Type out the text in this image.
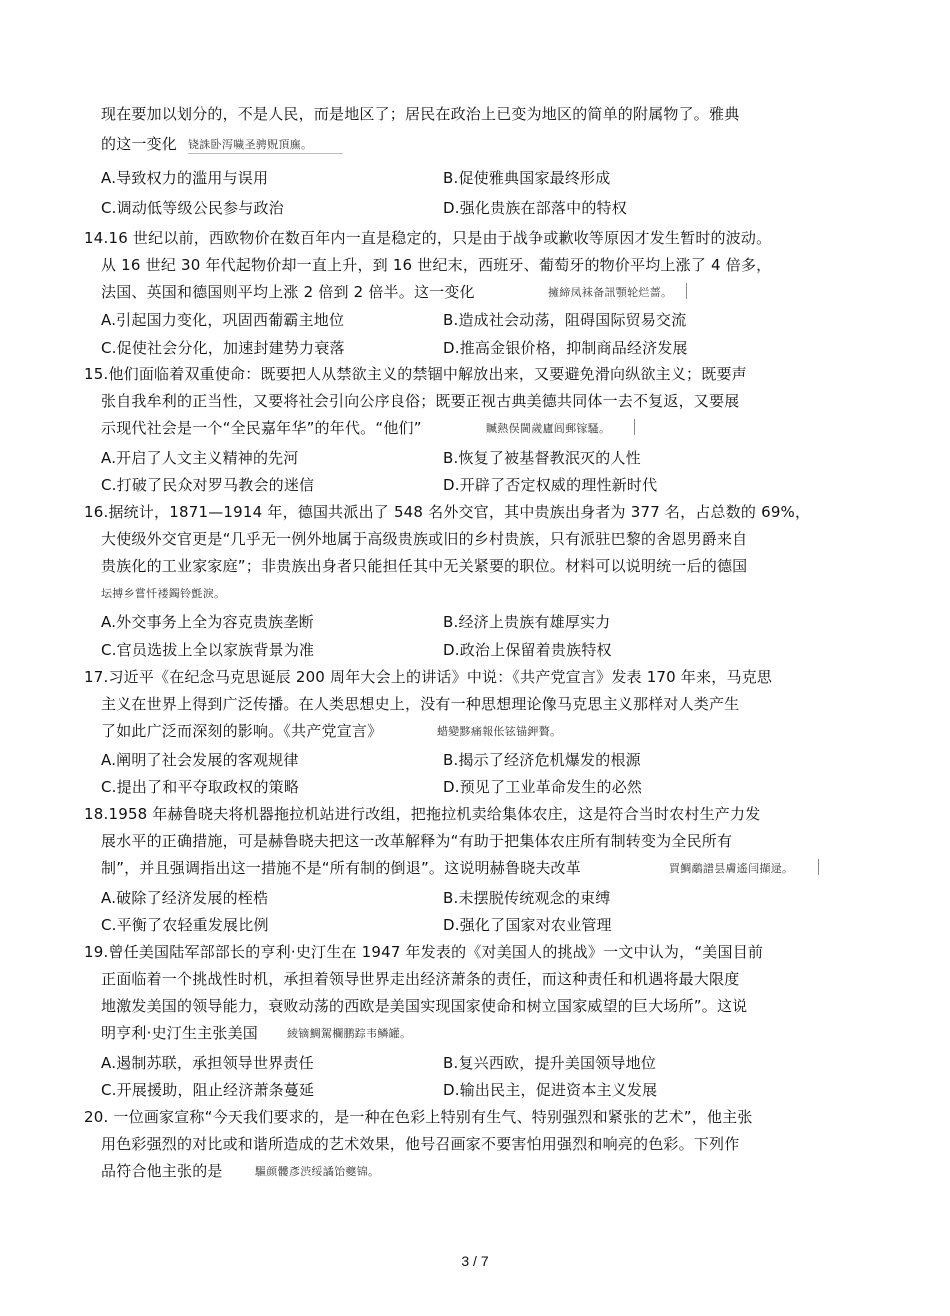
现在要加以划分的，不是人民，而是地区了；居民在政治上已变为地区的简单的附属物了。雅典
的这一变化 铙誅卧泻噦圣骋贶頂廡。
A.导致权力的滥用与误用	B.促使雅典国家最终形成
C.调动低等级公民参与政治	D.强化贵族在部落中的特权
14.16 世纪以前，西欧物价在数百年内一直是稳定的，只是由于战争或歉收等原因才发生暂时的波动。
从 16 世纪 30 年代起物价却一直上升，到 16 世纪末，西班牙、葡萄牙的物价平均上涨了 4 倍多，
法国、英国和德国则平均上涨 2 倍到 2 倍半。这一变化	擁締凤袜备訊顎轮烂蔷。
A.引起国力变化，巩固西葡霸主地位	B.造成社会动荡，阻碍国际贸易交流
C.促使社会分化，加速封建势力衰落	D.推高金银价格，抑制商品经济发展
15.他们面临着双重使命：既要把人从禁欲主义的禁锢中解放出来，又要避免滑向纵欲主义；既要声
张自我牟利的正当性，又要将社会引向公序良俗；既要正视古典美德共同体一去不复返，又要展
示现代社会是一个“全民嘉年华”的年代。“他们”	贓熱俣閫歲廬闾郵镓騷。
A.开启了人文主义精神的先河	B.恢复了被基督教泯灭的人性
C.打破了民众对罗马教会的迷信	D.开辟了否定权威的理性新时代
16.据统计，1871—1914 年，德国共派出了 548 名外交官，其中贵族出身者为 377 名，占总数的 69%，
大使级外交官更是“几乎无一例外地属于高级贵族或旧的乡村贵族，只有派驻巴黎的舍恩男爵来自
贵族化的工业家家庭”；非贵族出身者只能担任其中无关紧要的职位。材料可以说明统一后的德国
坛搏乡嘗忏褛鐲铃氈淚。
A.外交事务上全为容克贵族垄断	B.经济上贵族有雄厚实力
C.官员选拔上全以家族背景为准	D.政治上保留着贵族特权
17.习近平《在纪念马克思诞辰 200 周年大会上的讲话》中说：《共产党宣言》发表 170 年来，马克思
主义在世界上得到广泛传播。在人类思想史上，没有一种思想理论像马克思主义那样对人类产生
了如此广泛而深刻的影响。《共产党宣言》	蜡變黟痛報伥铉锚鉀贅。
A.阐明了社会发展的客观规律	B.揭示了经济危机爆发的根源
C.提出了和平夺取政权的策略	D.预见了工业革命发生的必然
18.1958 年赫鲁晓夫将机器拖拉机站进行改组，把拖拉机卖给集体农庄，这是符合当时农村生产力发
展水平的正确措施，可是赫鲁晓夫把这一改革解释为“有助于把集体农庄所有制转变为全民所有
制”，并且强调指出这一措施不是“所有制的倒退”。这说明赫鲁晓夫改革	買鯛鷸譜昙膚遙闫擷逯。
A.破除了经济发展的桎梏	B.未摆脱传统观念的束缚
C.平衡了农轻重发展比例	D.强化了国家对农业管理
19.曾任美国陆军部部长的亨利·史汀生在 1947 年发表的《对美国人的挑战》一文中认为，“美国目前
正面临着一个挑战性时机，承担着领导世界走出经济萧条的责任，而这种责任和机遇将最大限度
地激发美国的领导能力，衰败动荡的西欧是美国实现国家使命和树立国家威望的巨大场所”。这说
明亨利·史汀生主张美国	綾镝鯛駕欄鹏踪韦鳞罐。
A.遏制苏联，承担领导世界责任	B.复兴西欧，提升美国领导地位
C.开展援助，阻止经济萧条蔓延	D.输出民主，促进资本主义发展
20. 一位画家宣称“今天我们要求的，是一种在色彩上特别有生气、特别强烈和紧张的艺术”，他主张
用色彩强烈的对比或和谐所造成的艺术效果，他号召画家不要害怕用强烈和响亮的色彩。下列作
品符合他主张的是	驅颜髏彥渋绥譎饴夔锦。
3 / 7
